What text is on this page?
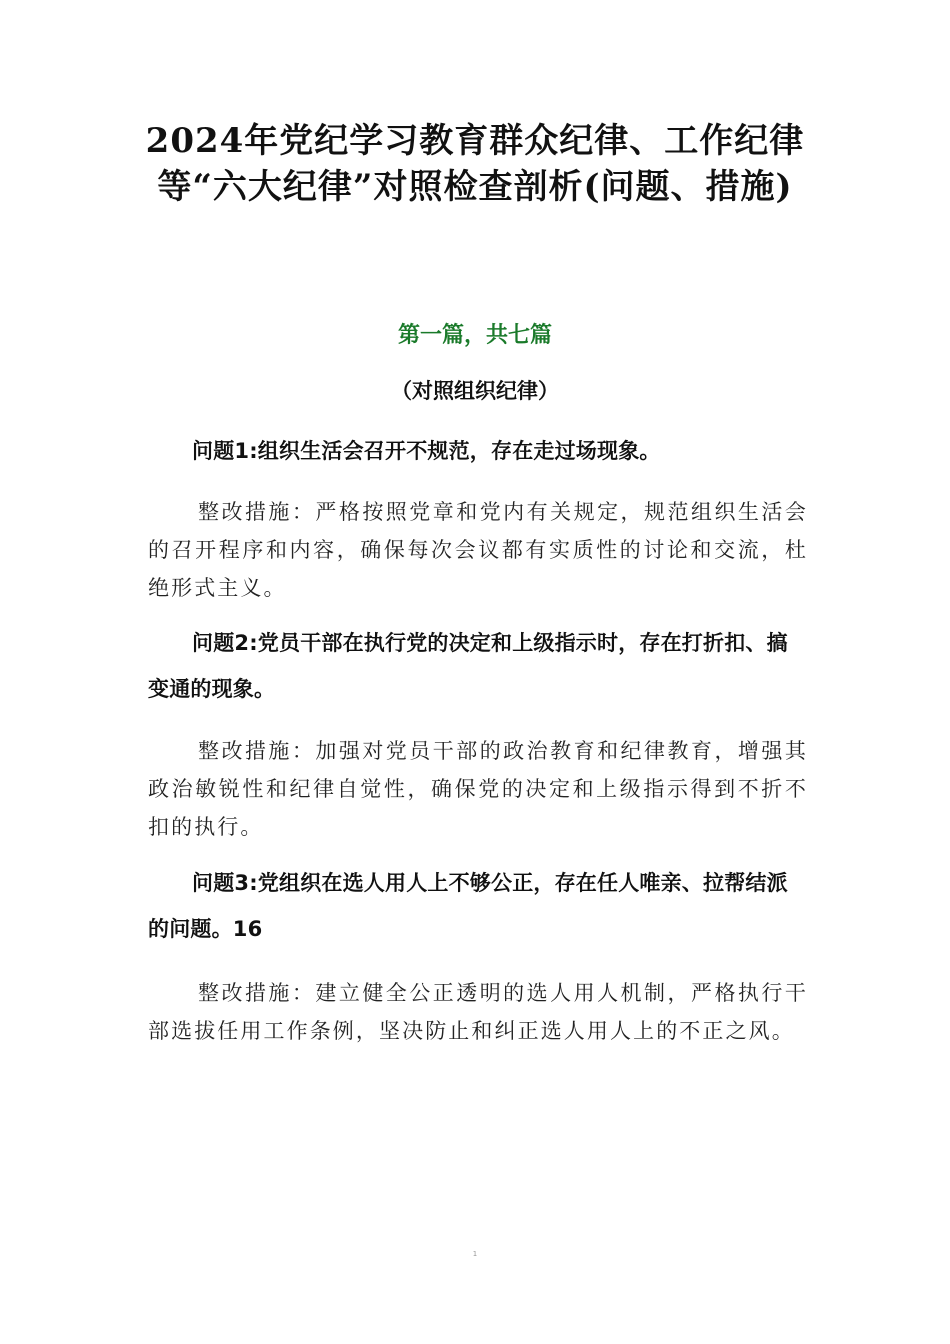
2024年党纪学习教育群众纪律、工作纪律等“六大纪律”对照检查剖析(问题、措施)

第一篇，共七篇

（对照组织纪律）

问题1:组织生活会召开不规范，存在走过场现象。

整改措施：严格按照党章和党内有关规定，规范组织生活会的召开程序和内容，确保每次会议都有实质性的讨论和交流，杜绝形式主义。

问题2:党员干部在执行党的决定和上级指示时，存在打折扣、搞变通的现象。

整改措施：加强对党员干部的政治教育和纪律教育，增强其政治敏锐性和纪律自觉性，确保党的决定和上级指示得到不折不扣的执行。

问题3:党组织在选人用人上不够公正，存在任人唯亲、拉帮结派的问题。16

整改措施：建立健全公正透明的选人用人机制，严格执行干部选拔任用工作条例，坚决防止和纠正选人用人上的不正之风。

1
